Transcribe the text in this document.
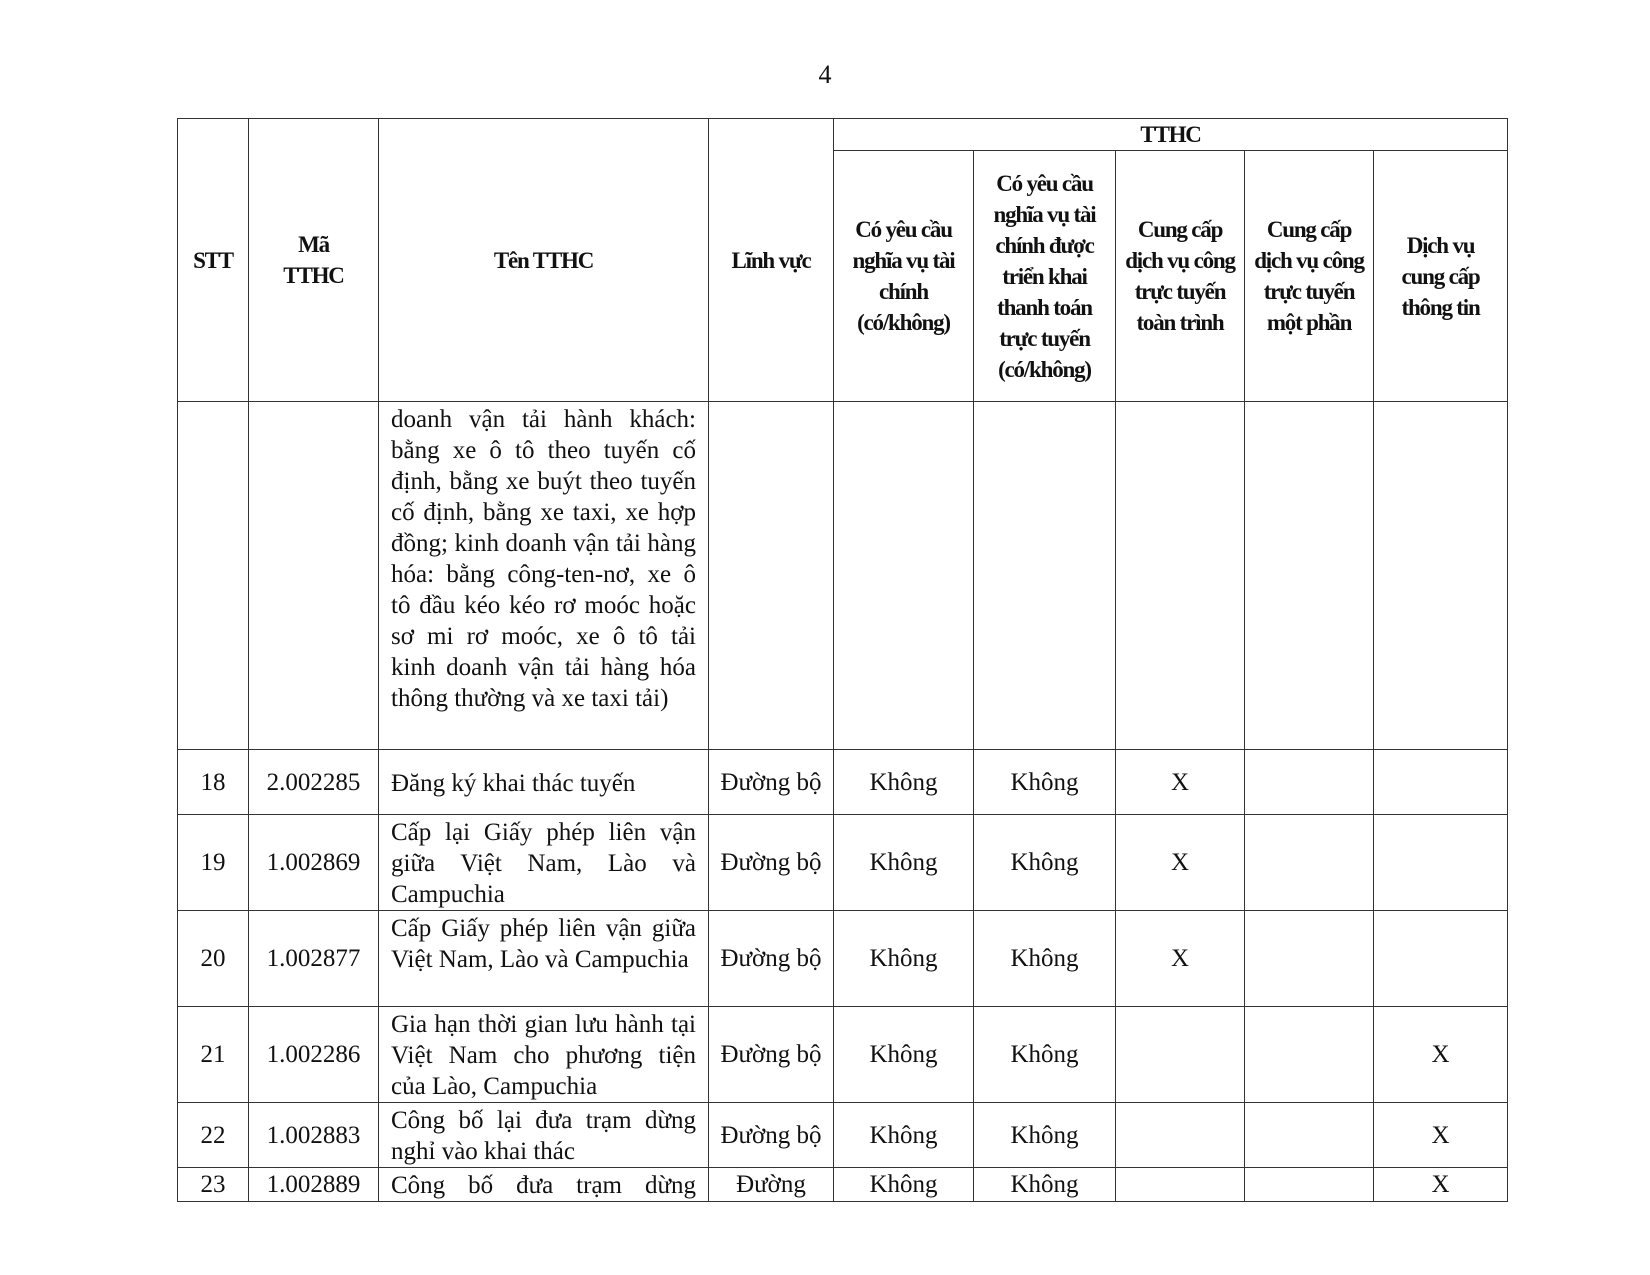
4
STT	Mã TTHC	Tên TTHC	Lĩnh vực	TTHC				
				Có yêu cầu nghĩa vụ tài chính (có/không)	Có yêu cầu nghĩa vụ tài chính được triển khai thanh toán trực tuyến (có/không)	Cung cấp dịch vụ công trực tuyến toàn trình	Cung cấp dịch vụ công trực tuyến một phần	Dịch vụ cung cấp thông tin
		doanh vận tải hành khách: bằng xe ô tô theo tuyến cố định, bằng xe buýt theo tuyến cố định, bằng xe taxi, xe hợp đồng; kinh doanh vận tải hàng hóa: bằng công-ten-nơ, xe ô tô đầu kéo kéo rơ moóc hoặc sơ mi rơ moóc, xe ô tô tải kinh doanh vận tải hàng hóa thông thường và xe taxi tải)						
18	2.002285	Đăng ký khai thác tuyến	Đường bộ	Không	Không	X		
19	1.002869	Cấp lại Giấy phép liên vận giữa Việt Nam, Lào và Campuchia	Đường bộ	Không	Không	X		
20	1.002877	Cấp Giấy phép liên vận giữa Việt Nam, Lào và Campuchia	Đường bộ	Không	Không	X		
21	1.002286	Gia hạn thời gian lưu hành tại Việt Nam cho phương tiện của Lào, Campuchia	Đường bộ	Không	Không			X
22	1.002883	Công bố lại đưa trạm dừng nghỉ vào khai thác	Đường bộ	Không	Không			X
23	1.002889	Công bố đưa trạm dừng	Đường	Không	Không			X
